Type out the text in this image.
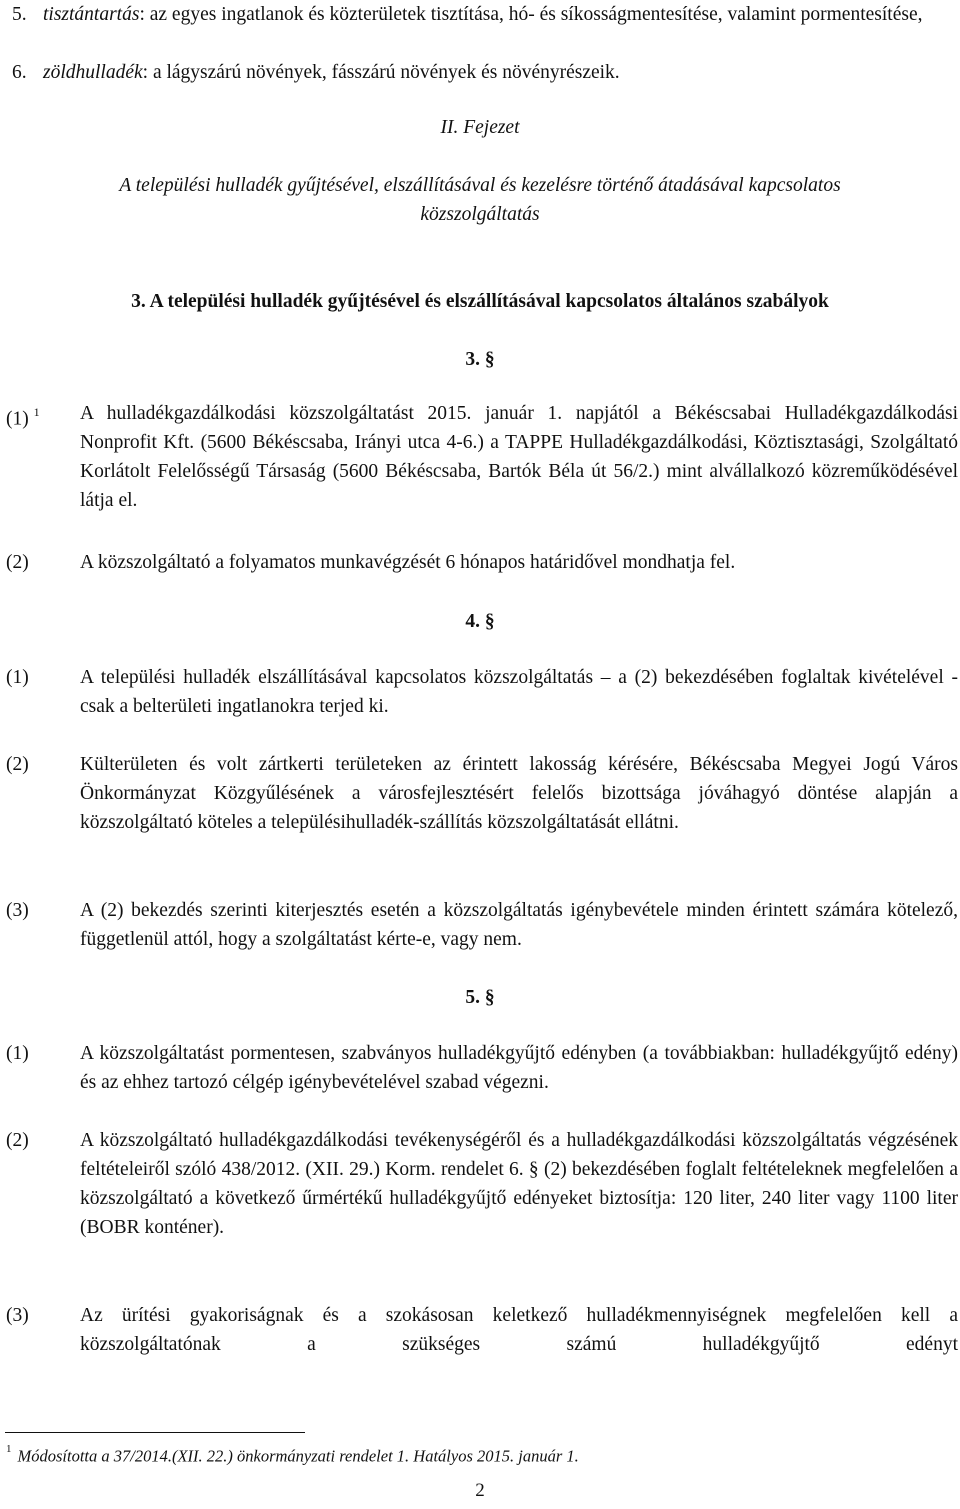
5. tisztántartás: az egyes ingatlanok és közterületek tisztítása, hó- és síkosságmentesítése, valamint pormentesítése,
6. zöldhulladék: a lágyszárú növények, fásszárú növények és növényrészeik.
II. Fejezet
A települési hulladék gyűjtésével, elszállításával és kezelésre történő átadásával kapcsolatos
közszolgáltatás
3. A települési hulladék gyűjtésével és elszállításával kapcsolatos általános szabályok
3. §
(1) $^1$ A hulladékgazdálkodási közszolgáltatást 2015. január 1. napjától a Békéscsabai Hulladékgazdálkodási Nonprofit Kft. (5600 Békéscsaba, Irányi utca 4-6.) a TAPPE Hulladékgazdálkodási, Köztisztasági, Szolgáltató Korlátolt Felelősségű Társaság (5600 Békéscsaba, Bartók Béla út 56/2.) mint alvállalkozó közreműködésével látja el.
(2)	A közszolgáltató a folyamatos munkavégzését 6 hónapos határidővel mondhatja fel.
4. §
(1)	A települési hulladék elszállításával kapcsolatos közszolgáltatás – a (2) bekezdésében foglaltak kivételével - csak a belterületi ingatlanokra terjed ki.
(2)	Külterületen és volt zártkerti területeken az érintett lakosság kérésére, Békéscsaba Megyei Jogú Város Önkormányzat Közgyűlésének a városfejlesztésért felelős bizottsága jóváhagyó döntése alapján a közszolgáltató köteles a településihulladék-szállítás közszolgáltatását ellátni.
(3)	A (2) bekezdés szerinti kiterjesztés esetén a közszolgáltatás igénybevétele minden érintett számára kötelező, függetlenül attól, hogy a szolgáltatást kérte-e, vagy nem.
5. §
(1)	A közszolgáltatást pormentesen, szabványos hulladékgyűjtő edényben (a továbbiakban: hulladékgyűjtő edény) és az ehhez tartozó célgép igénybevételével szabad végezni.
(2)	A közszolgáltató hulladékgazdálkodási tevékenységéről és a hulladékgazdálkodási közszolgáltatás végzésének feltételeiről szóló 438/2012. (XII. 29.) Korm. rendelet 6. § (2) bekezdésében foglalt feltételeknek megfelelően a közszolgáltató a következő űrmértékű hulladékgyűjtő edényeket biztosítja: 120 liter, 240 liter vagy 1100 liter (BOBR konténer).
(3)	Az ürítési gyakoriságnak és a szokásosan keletkező hulladékmennyiségnek megfelelően kell a közszolgáltatónak a szükséges számú hulladékgyűjtő edényt
$^1$ Módosította a 37/2014.(XII. 22.) önkormányzati rendelet 1. Hatályos 2015. január 1.
2
